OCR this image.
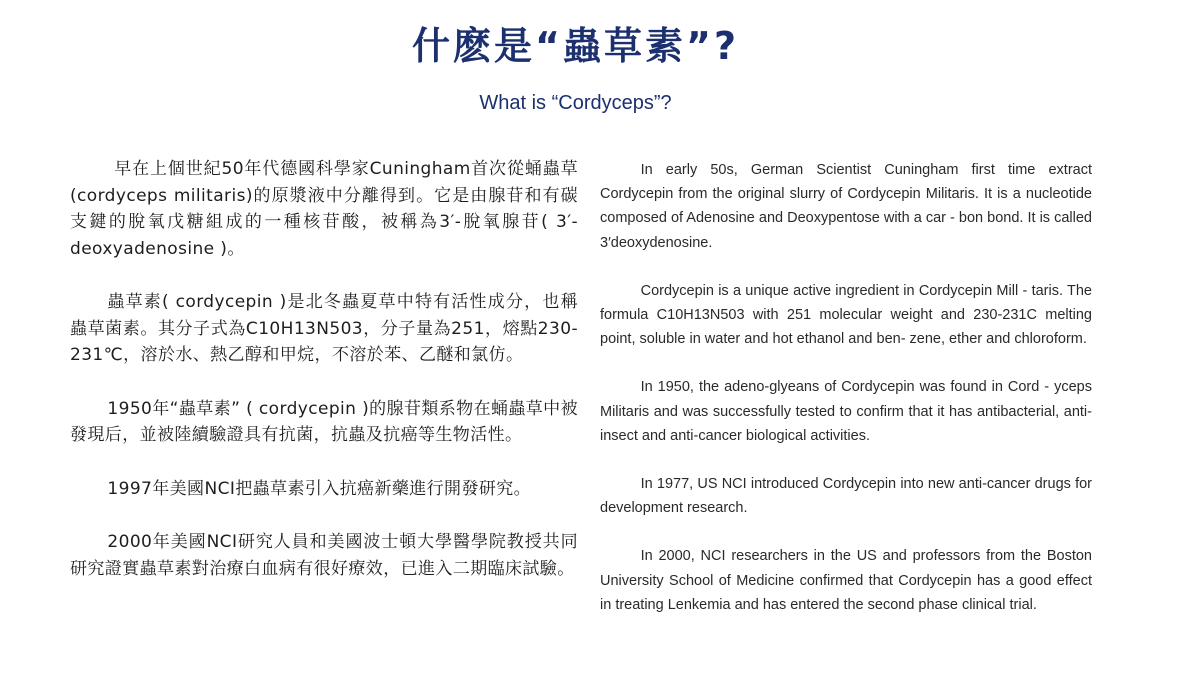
什麽是“蟲草素”?
What is “Cordyceps”?

早在上個世紀50年代德國科學家Cuningham首次從蛹蟲草(cordyceps militaris)的原漿液中分離得到。它是由腺苷和有碳支鍵的脫氧戊糖組成的一種核苷酸，被稱為3′-脫氧腺苷( 3′-deoxyadenosine )。

蟲草素( cordycepin )是北冬蟲夏草中特有活性成分，也稱蟲草菌素。其分子式為C10H13N503，分子量為251，熔點230-231℃，溶於水、熱乙醇和甲烷，不溶於苯、乙醚和氯仿。

1950年“蟲草素” ( cordycepin )的腺苷類系物在蛹蟲草中被發現后，並被陸續驗證具有抗菌，抗蟲及抗癌等生物活性。

1997年美國NCI把蟲草素引入抗癌新藥進行開發研究。

2000年美國NCI研究人員和美國波士頓大學醫學院教授共同研究證實蟲草素對治療白血病有很好療效，已進入二期臨床試驗。

In early 50s, German Scientist Cuningham first time extract Cordycepin from the original slurry of Cordycepin Militaris. It is a nucleotide composed of Adenosine and Deoxypentose with a car - bon bond. It is called 3′deoxydenosine.

Cordycepin is a unique active ingredient in Cordycepin Mill - taris. The formula C10H13N503 with 251 molecular weight and 230-231C melting point, soluble in water and hot ethanol and ben- zene, ether and chloroform.

In 1950, the adeno-glyeans of Cordycepin was found in Cord - yceps Militaris and was successfully tested to confirm that it has antibacterial, anti-insect and anti-cancer biological activities.

In 1977, US NCI introduced Cordycepin into new anti-cancer drugs for development research.

In 2000, NCI researchers in the US and professors from the Boston University School of Medicine confirmed that Cordycepin has a good effect in treating Lenkemia and has entered the second phase clinical trial.
